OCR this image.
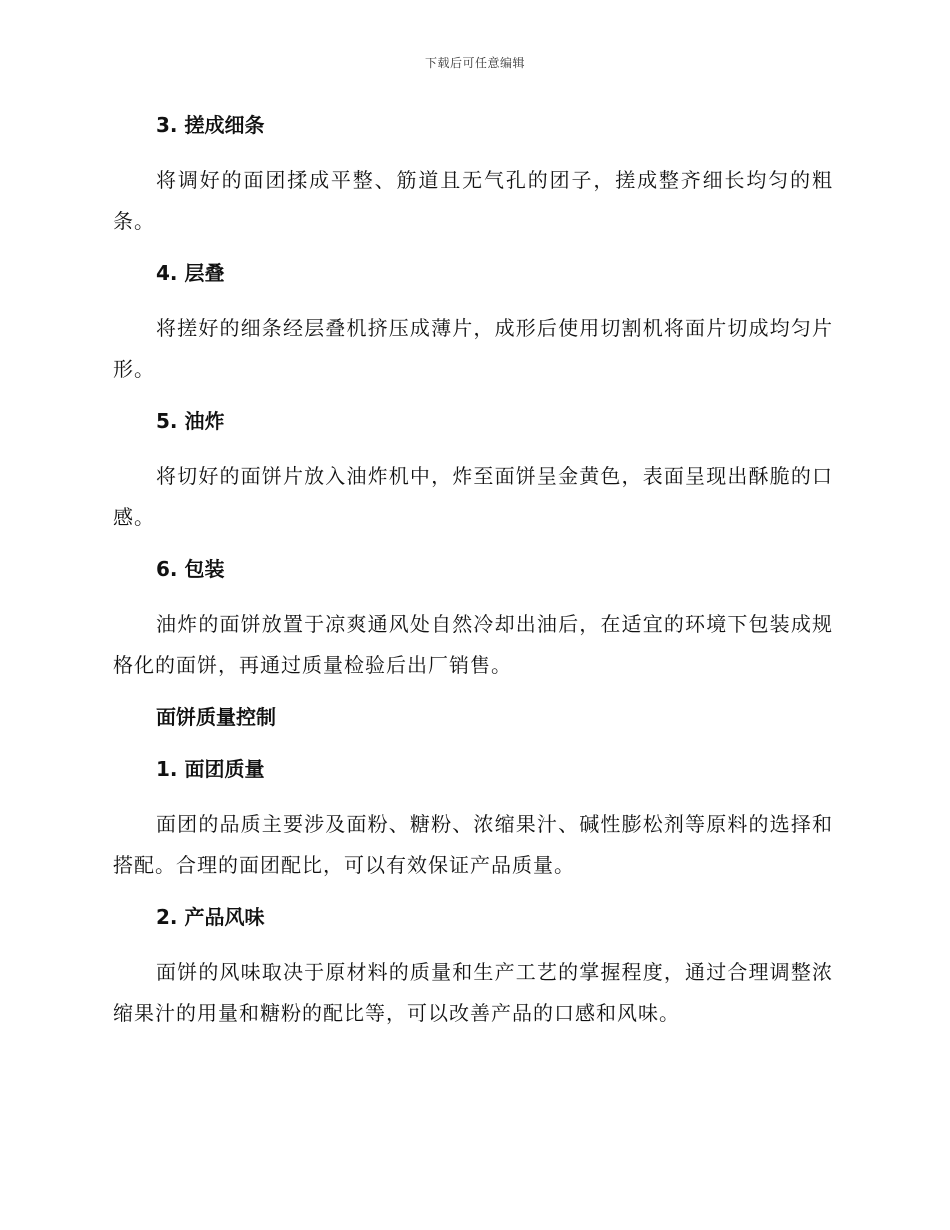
下载后可任意编辑
3. 搓成细条

将调好的面团揉成平整、筋道且无气孔的团子，搓成整齐细长均匀的粗条。

4. 层叠

将搓好的细条经层叠机挤压成薄片，成形后使用切割机将面片切成均匀片形。

5. 油炸

将切好的面饼片放入油炸机中，炸至面饼呈金黄色，表面呈现出酥脆的口感。

6. 包装

油炸的面饼放置于凉爽通风处自然冷却出油后，在适宜的环境下包装成规格化的面饼，再通过质量检验后出厂销售。

面饼质量控制
1. 面团质量

面团的品质主要涉及面粉、糖粉、浓缩果汁、碱性膨松剂等原料的选择和搭配。合理的面团配比，可以有效保证产品质量。

2. 产品风味

面饼的风味取决于原材料的质量和生产工艺的掌握程度，通过合理调整浓缩果汁的用量和糖粉的配比等，可以改善产品的口感和风味。
